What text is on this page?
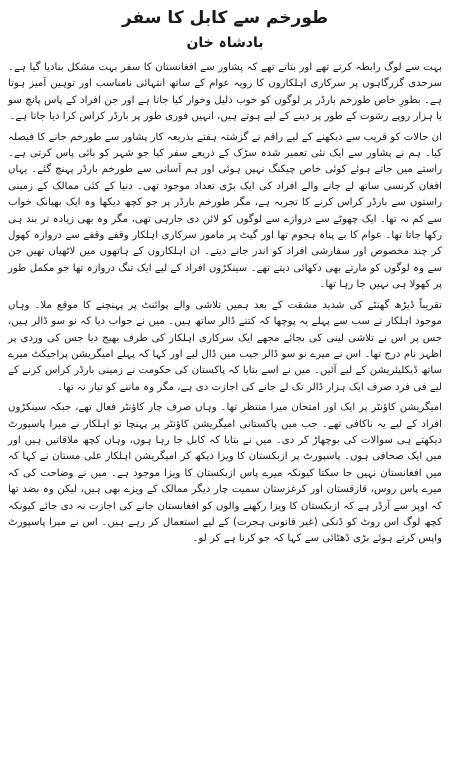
طورخم سے کابل کا سفر
بادشاہ خان

بہت سے لوگ رابطہ کرتے تھے اور بتاتے تھے کہ پشاور سے افغانستان کا سفر بہت مشکل بنادیا گیا ہے۔ سرحدی گزرگاہوں پر سرکاری اہلکاروں کا رویہ عوام کے ساتھ انتہائی نامناسب اور توہین آمیز ہوتا ہے۔ بطورِ خاص طورخم بارڈر پر لوگوں کو خوب ذلیل وخوار کیا جاتا ہے اور جن افراد کے پاس پانچ سو یا ہزار روپے رشوت کے طور پر دینے کے لیے ہوتے ہیں، انہیں فوری طور پر بارڈر کراس کرا دیا جاتا ہے۔

ان حالات کو قریب سے دیکھنے کے لیے راقم نے گزشتہ ہفتے بذریعہ کار پشاور سے طورخم جانے کا فیصلہ کیا۔ ہم نے پشاور سے ایک نئی تعمیر شدہ سڑک کے ذریعے سفر کیا جو شہر کو بائی پاس کرتی ہے۔ راستے میں جاتے ہوئے کوئی خاص چیکنگ نہیں ہوئی اور ہم آسانی سے طورخم بارڈر پہنچ گئے۔ یہاں افغان کرنسی ساتھ لے جانے والے افراد کی ایک بڑی تعداد موجود تھی۔ دنیا کے کئی ممالک کے زمینی راستوں سے بارڈر کراس کرنے کا تجربہ ہے، مگر طورخم بارڈر پر جو کچھ دیکھا وہ ایک بھیانک خواب سے کم نہ تھا۔ ایک چھوٹے سے دروازے سے لوگوں کو لائن دی جارہی تھی، مگر وہ بھی زیادہ تر بند ہی رکھا جاتا تھا۔ عوام کا بے پناہ ہجوم تھا اور گیٹ پر مامور سرکاری اہلکار وقفے وقفے سے دروازہ کھول کر چند مخصوص اور سفارشی افراد کو اندر جانے دیتے۔ ان اہلکاروں کے ہاتھوں میں لاٹھیاں تھیں جن سے وہ لوگوں کو مارتے بھی دکھائی دیتے تھے۔ سینکڑوں افراد کے لیے ایک تنگ دروازہ تھا جو مکمل طور پر کھولا ہی نہیں جا رہا تھا۔

تقریباً ڈیڑھ گھنٹے کی شدید مشقت کے بعد ہمیں تلاشی والے پوائنٹ پر پہنچنے کا موقع ملا۔ وہاں موجود اہلکار نے سب سے پہلے یہ پوچھا کہ کتنے ڈالر ساتھ ہیں۔ میں نے جواب دیا کہ نو سو ڈالر ہیں، جس پر اس نے تلاشی لینی کی بجائے مجھے ایک سرکاری اہلکار کی طرف بھیج دیا جس کی وردی پر اظہر نام درج تھا۔ اس نے میرے نو سو ڈالر جیب میں ڈال لیے اور کہا کہ پہلے امیگریشن پراجیکٹ میرے ساتھ ڈیکلیئریشن کے لیے آئیں۔ میں نے اسے بتایا کہ پاکستان کی حکومت نے زمینی بارڈر کراس کرنے کے لیے فی فرد صرف ایک ہزار ڈالر تک لے جانے کی اجازت دی ہے، مگر وہ ماننے کو تیار نہ تھا۔

امیگریشن کاؤنٹر پر ایک اور امتحان میرا منتظر تھا۔ وہاں صرف چار کاؤنٹر فعال تھے، جبکہ سینکڑوں افراد کے لیے یہ ناکافی تھے۔ جب میں پاکستانی امیگریشن کاؤنٹر پر پہنچا تو اہلکار نے میرا پاسپورٹ دیکھتے ہی سوالات کی بوچھاڑ کر دی۔ میں نے بتایا کہ کابل جا رہا ہوں، وہاں کچھ ملاقاتیں ہیں اور میں ایک صحافی ہوں۔ پاسپورٹ پر ازبکستان کا ویزا دیکھ کر امیگریشن اہلکار علی مستان نے کہا کہ میں افغانستان نہیں جا سکتا کیونکہ میرے پاس ازبکستان کا ویزا موجود ہے۔ میں نے وضاحت کی کہ میرے پاس روس، قازقستان اور کرغزستان سمیت چار دیگر ممالک کے ویزے بھی ہیں، لیکن وہ بضد تھا کہ اوپر سے آرڈر ہے کہ ازبکستان کا ویزا رکھنے والوں کو افغانستان جانے کی اجازت نہ دی جائے کیونکہ کچھ لوگ اس روٹ کو ڈنکی (غیر قانونی ہجرت) کے لیے استعمال کر رہے ہیں۔ اس نے میرا پاسپورٹ واپس کرتے ہوئے بڑی ڈھٹائی سے کہا کہ جو کرنا ہے کر لو۔
